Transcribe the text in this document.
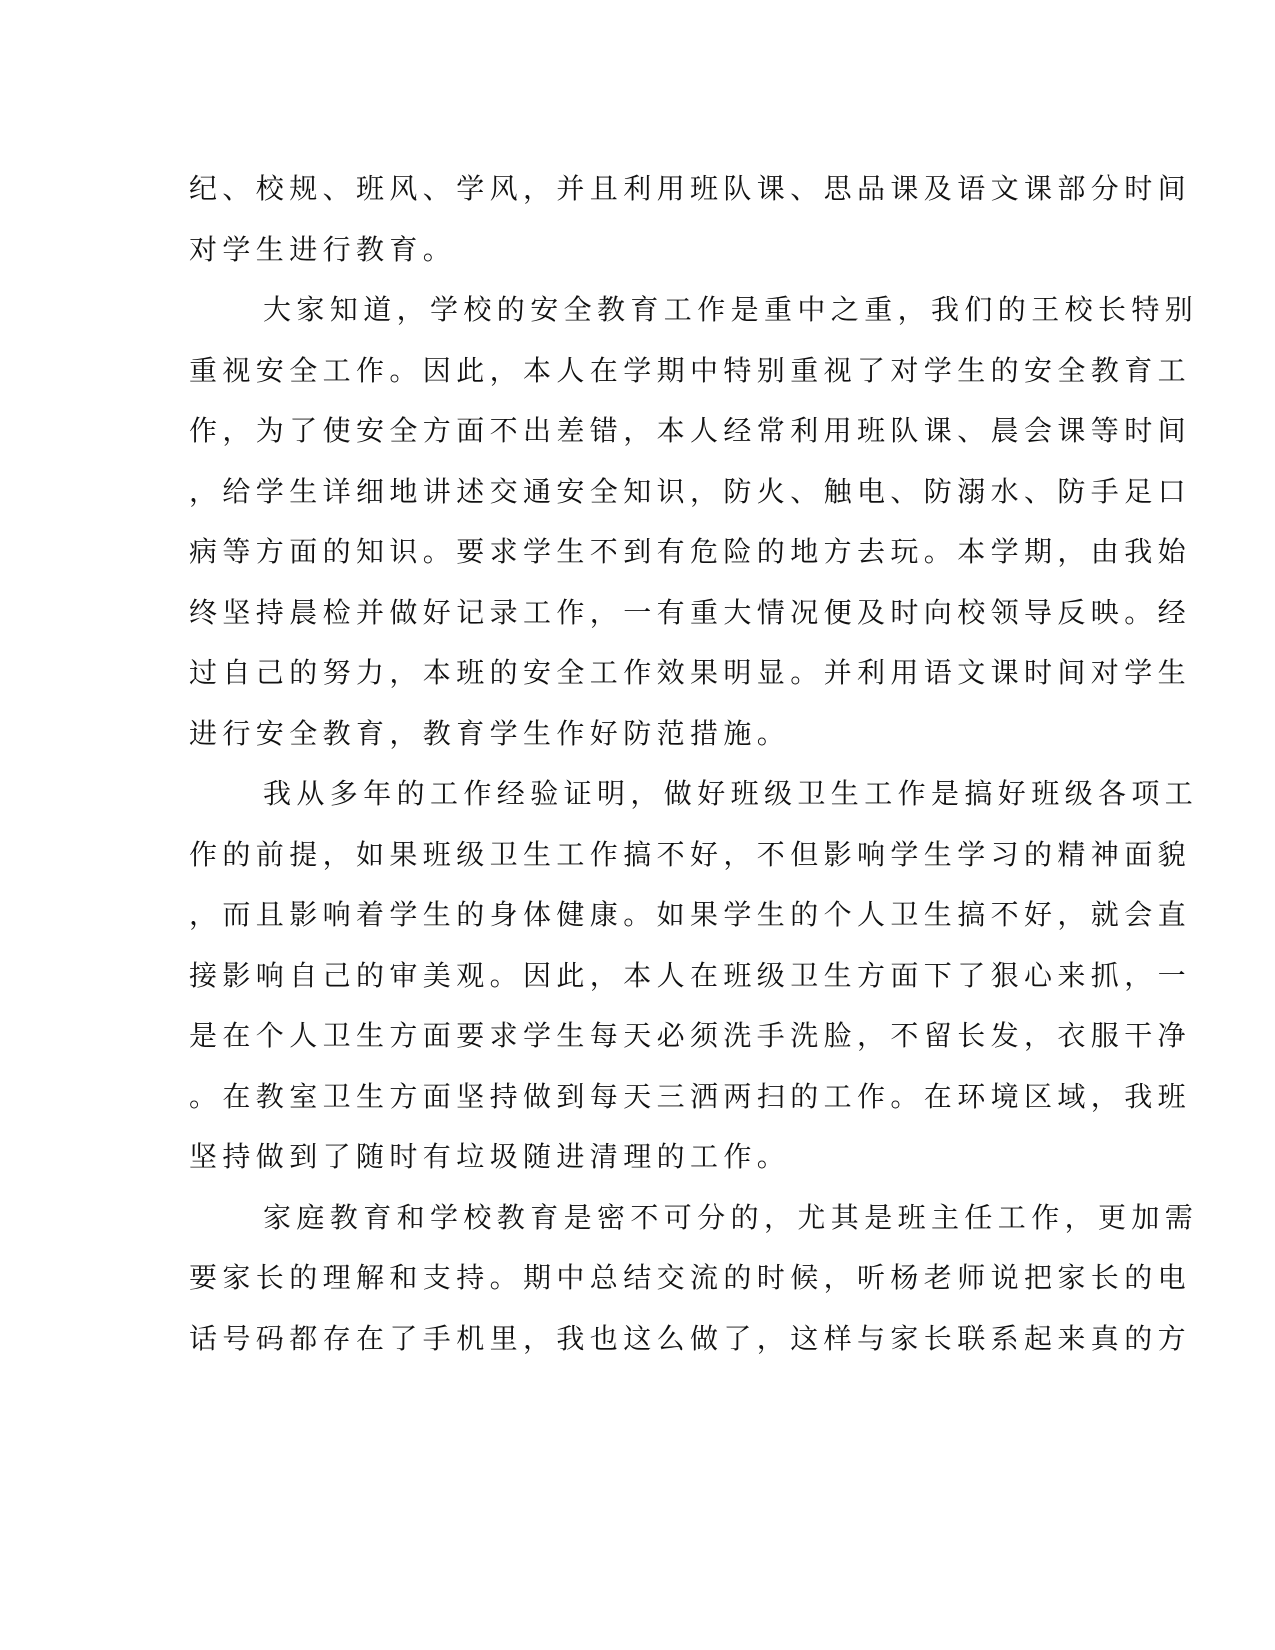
纪、校规、班风、学风，并且利用班队课、思品课及语文课部分时间
对学生进行教育。
大家知道，学校的安全教育工作是重中之重，我们的王校长特别
重视安全工作。因此，本人在学期中特别重视了对学生的安全教育工
作，为了使安全方面不出差错，本人经常利用班队课、晨会课等时间
，给学生详细地讲述交通安全知识，防火、触电、防溺水、防手足口
病等方面的知识。要求学生不到有危险的地方去玩。本学期，由我始
终坚持晨检并做好记录工作，一有重大情况便及时向校领导反映。经
过自己的努力，本班的安全工作效果明显。并利用语文课时间对学生
进行安全教育，教育学生作好防范措施。
我从多年的工作经验证明，做好班级卫生工作是搞好班级各项工
作的前提，如果班级卫生工作搞不好，不但影响学生学习的精神面貌
，而且影响着学生的身体健康。如果学生的个人卫生搞不好，就会直
接影响自己的审美观。因此，本人在班级卫生方面下了狠心来抓，一
是在个人卫生方面要求学生每天必须洗手洗脸，不留长发，衣服干净
。在教室卫生方面坚持做到每天三洒两扫的工作。在环境区域，我班
坚持做到了随时有垃圾随进清理的工作。
家庭教育和学校教育是密不可分的，尤其是班主任工作，更加需
要家长的理解和支持。期中总结交流的时候，听杨老师说把家长的电
话号码都存在了手机里，我也这么做了，这样与家长联系起来真的方
